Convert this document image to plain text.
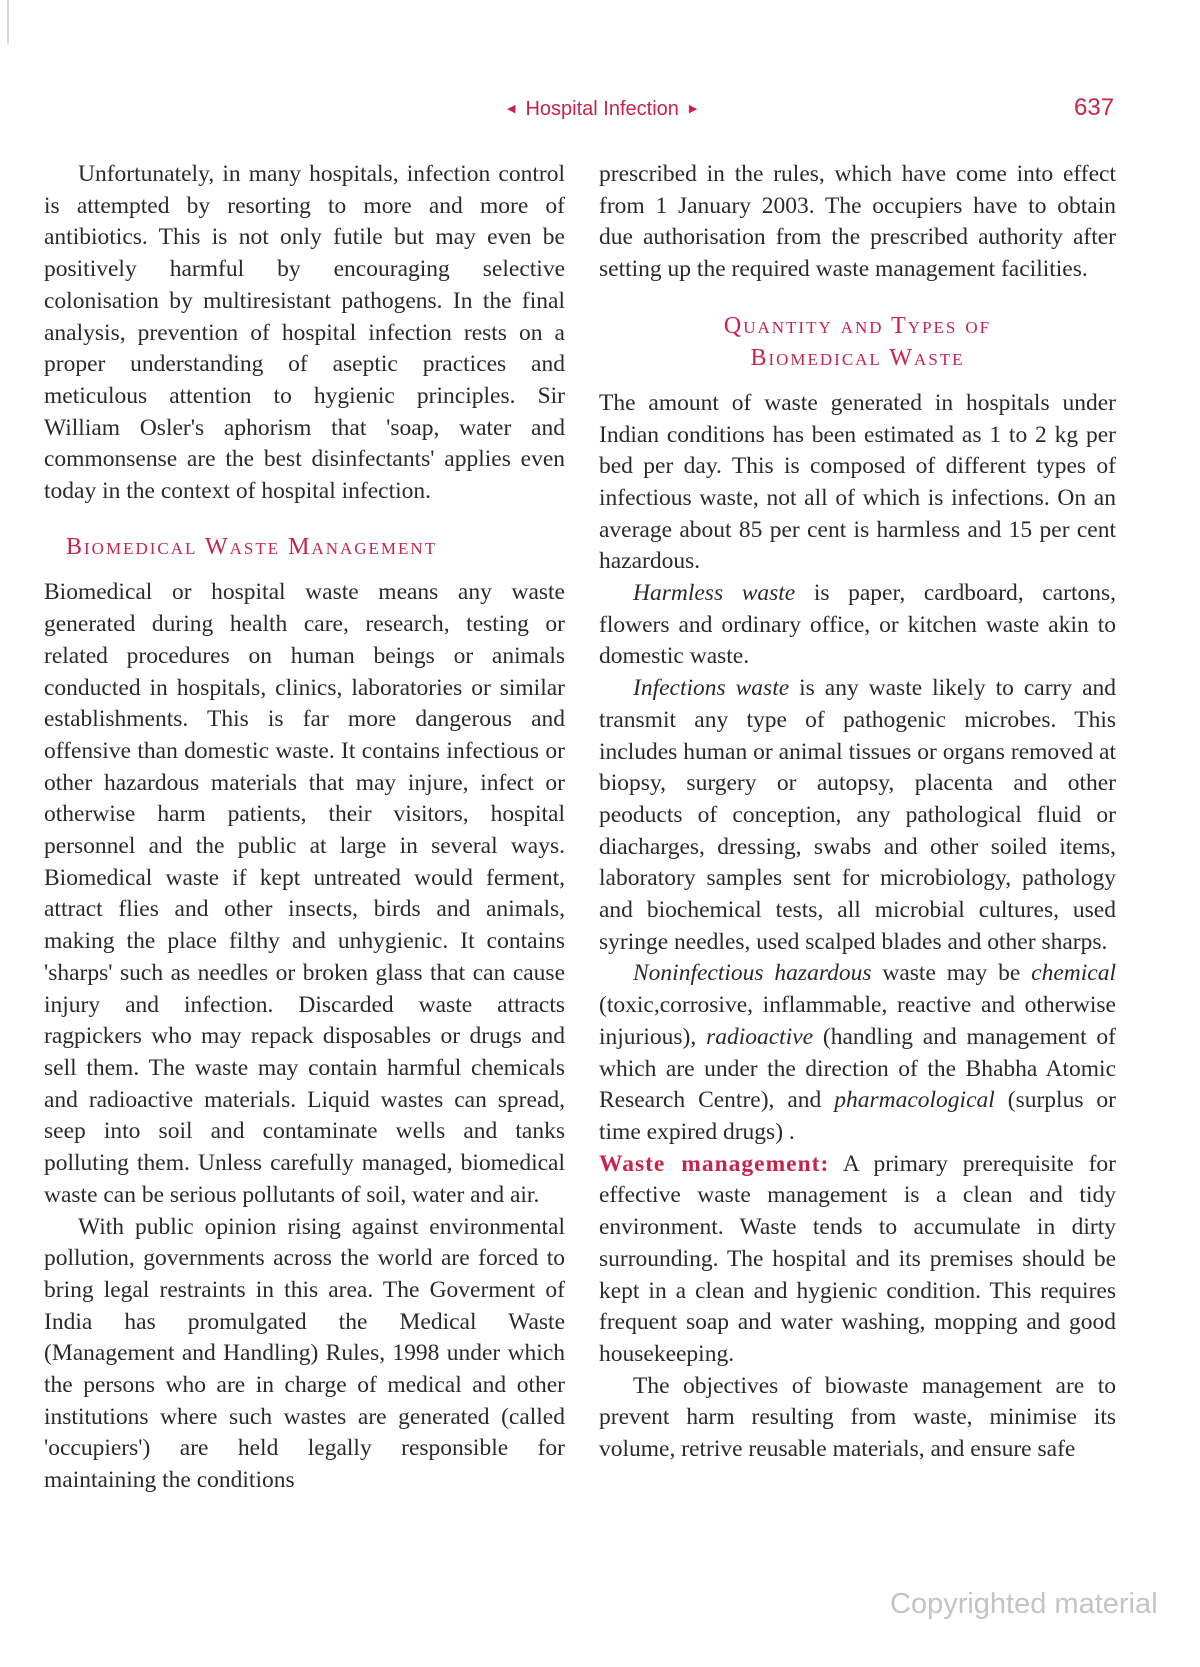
◀ Hospital Infection ▶	637

Unfortunately, in many hospitals, infection control is attempted by resorting to more and more of antibiotics. This is not only futile but may even be positively harmful by encouraging selective colonisation by multiresistant pathogens. In the final analysis, prevention of hospital infection rests on a proper understanding of aseptic practices and meticulous attention to hygienic principles. Sir William Osler's aphorism that 'soap, water and commonsense are the best disinfectants' applies even today in the context of hospital infection.

Biomedical Waste Management

Biomedical or hospital waste means any waste generated during health care, research, testing or related procedures on human beings or animals conducted in hospitals, clinics, laboratories or similar establishments. This is far more dangerous and offensive than domestic waste. It contains infectious or other hazardous materials that may injure, infect or otherwise harm patients, their visitors, hospital personnel and the public at large in several ways. Biomedical waste if kept untreated would ferment, attract flies and other insects, birds and animals, making the place filthy and unhygienic. It contains 'sharps' such as needles or broken glass that can cause injury and infection. Discarded waste attracts ragpickers who may repack disposables or drugs and sell them. The waste may contain harmful chemicals and radioactive materials. Liquid wastes can spread, seep into soil and contaminate wells and tanks polluting them. Unless carefully managed, biomedical waste can be serious pollutants of soil, water and air.

With public opinion rising against environmental pollution, governments across the world are forced to bring legal restraints in this area. The Goverment of India has promulgated the Medical Waste (Management and Handling) Rules, 1998 under which the persons who are in charge of medical and other institutions where such wastes are generated (called 'occupiers') are held legally responsible for maintaining the conditions

prescribed in the rules, which have come into effect from 1 January 2003. The occupiers have to obtain due authorisation from the prescribed authority after setting up the required waste management facilities.

Quantity and Types of
Biomedical Waste

The amount of waste generated in hospitals under Indian conditions has been estimated as 1 to 2 kg per bed per day. This is composed of different types of infectious waste, not all of which is infections. On an average about 85 per cent is harmless and 15 per cent hazardous.

Harmless waste is paper, cardboard, cartons, flowers and ordinary office, or kitchen waste akin to domestic waste.

Infections waste is any waste likely to carry and transmit any type of pathogenic microbes. This includes human or animal tissues or organs removed at biopsy, surgery or autopsy, placenta and other peoducts of conception, any pathological fluid or diacharges, dressing, swabs and other soiled items, laboratory samples sent for microbiology, pathology and biochemical tests, all microbial cultures, used syringe needles, used scalped blades and other sharps.

Noninfectious hazardous waste may be chemical (toxic,corrosive, inflammable, reactive and otherwise injurious), radioactive (handling and management of which are under the direction of the Bhabha Atomic Research Centre), and pharmacological (surplus or time expired drugs) .

Waste management: A primary prerequisite for effective waste management is a clean and tidy environment. Waste tends to accumulate in dirty surrounding. The hospital and its premises should be kept in a clean and hygienic condition. This requires frequent soap and water washing, mopping and good housekeeping.

The objectives of biowaste management are to prevent harm resulting from waste, minimise its volume, retrive reusable materials, and ensure safe

Copyrighted material
